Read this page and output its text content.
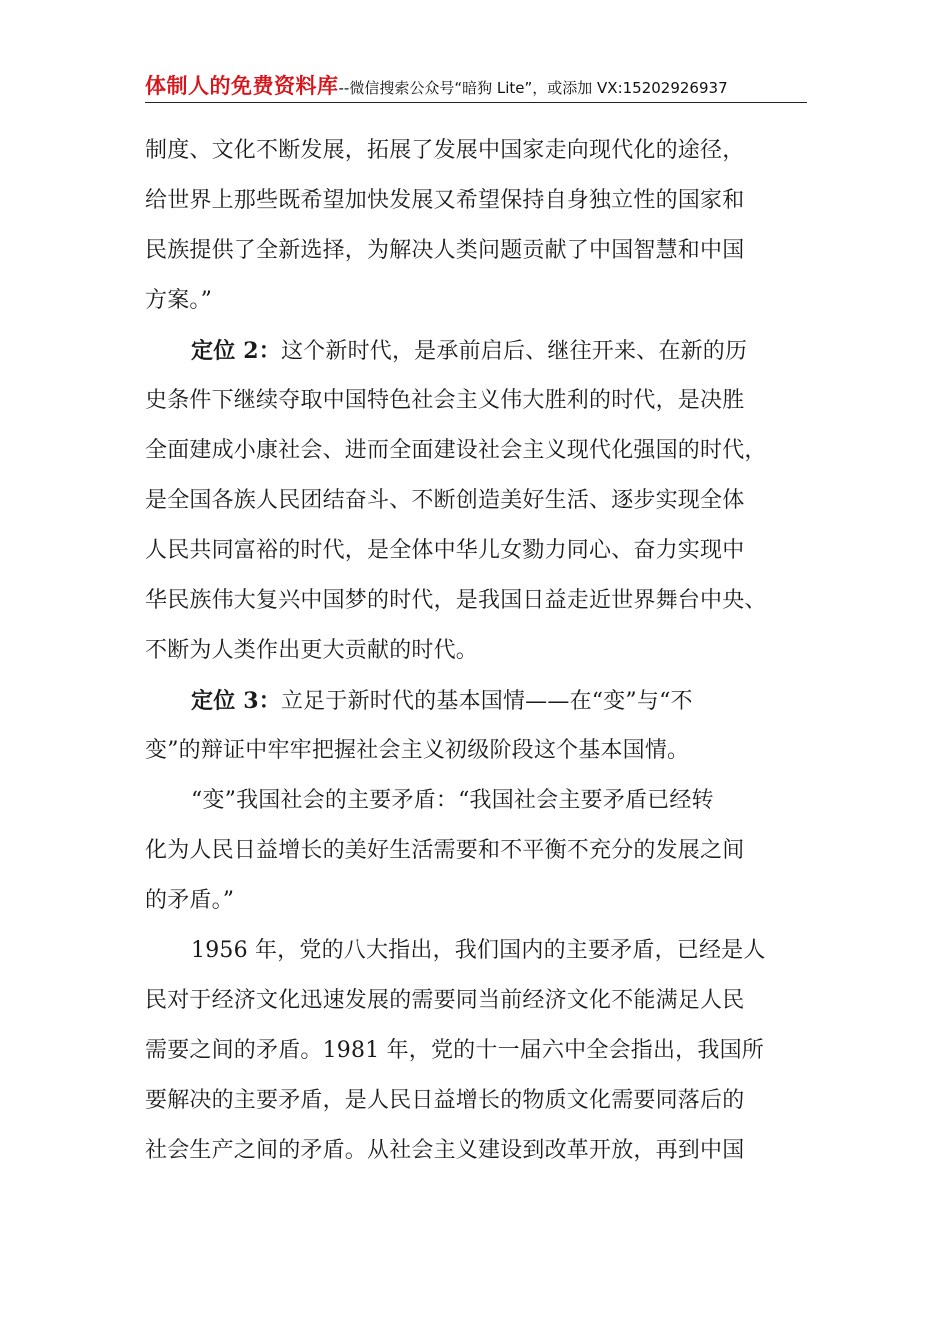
体制人的免费资料库--微信搜索公众号“暗狗 Lite”，或添加 VX:15202926937
制度、文化不断发展，拓展了发展中国家走向现代化的途径，
给世界上那些既希望加快发展又希望保持自身独立性的国家和
民族提供了全新选择，为解决人类问题贡献了中国智慧和中国
方案。”
定位 2：这个新时代，是承前启后、继往开来、在新的历
史条件下继续夺取中国特色社会主义伟大胜利的时代，是决胜
全面建成小康社会、进而全面建设社会主义现代化强国的时代，
是全国各族人民团结奋斗、不断创造美好生活、逐步实现全体
人民共同富裕的时代，是全体中华儿女勠力同心、奋力实现中
华民族伟大复兴中国梦的时代，是我国日益走近世界舞台中央、
不断为人类作出更大贡献的时代。
定位 3：立足于新时代的基本国情——在“变”与“不
变”的辩证中牢牢把握社会主义初级阶段这个基本国情。
“变”我国社会的主要矛盾：“我国社会主要矛盾已经转
化为人民日益增长的美好生活需要和不平衡不充分的发展之间
的矛盾。”
1956 年，党的八大指出，我们国内的主要矛盾，已经是人
民对于经济文化迅速发展的需要同当前经济文化不能满足人民
需要之间的矛盾。1981 年，党的十一届六中全会指出，我国所
要解决的主要矛盾，是人民日益增长的物质文化需要同落后的
社会生产之间的矛盾。从社会主义建设到改革开放，再到中国
